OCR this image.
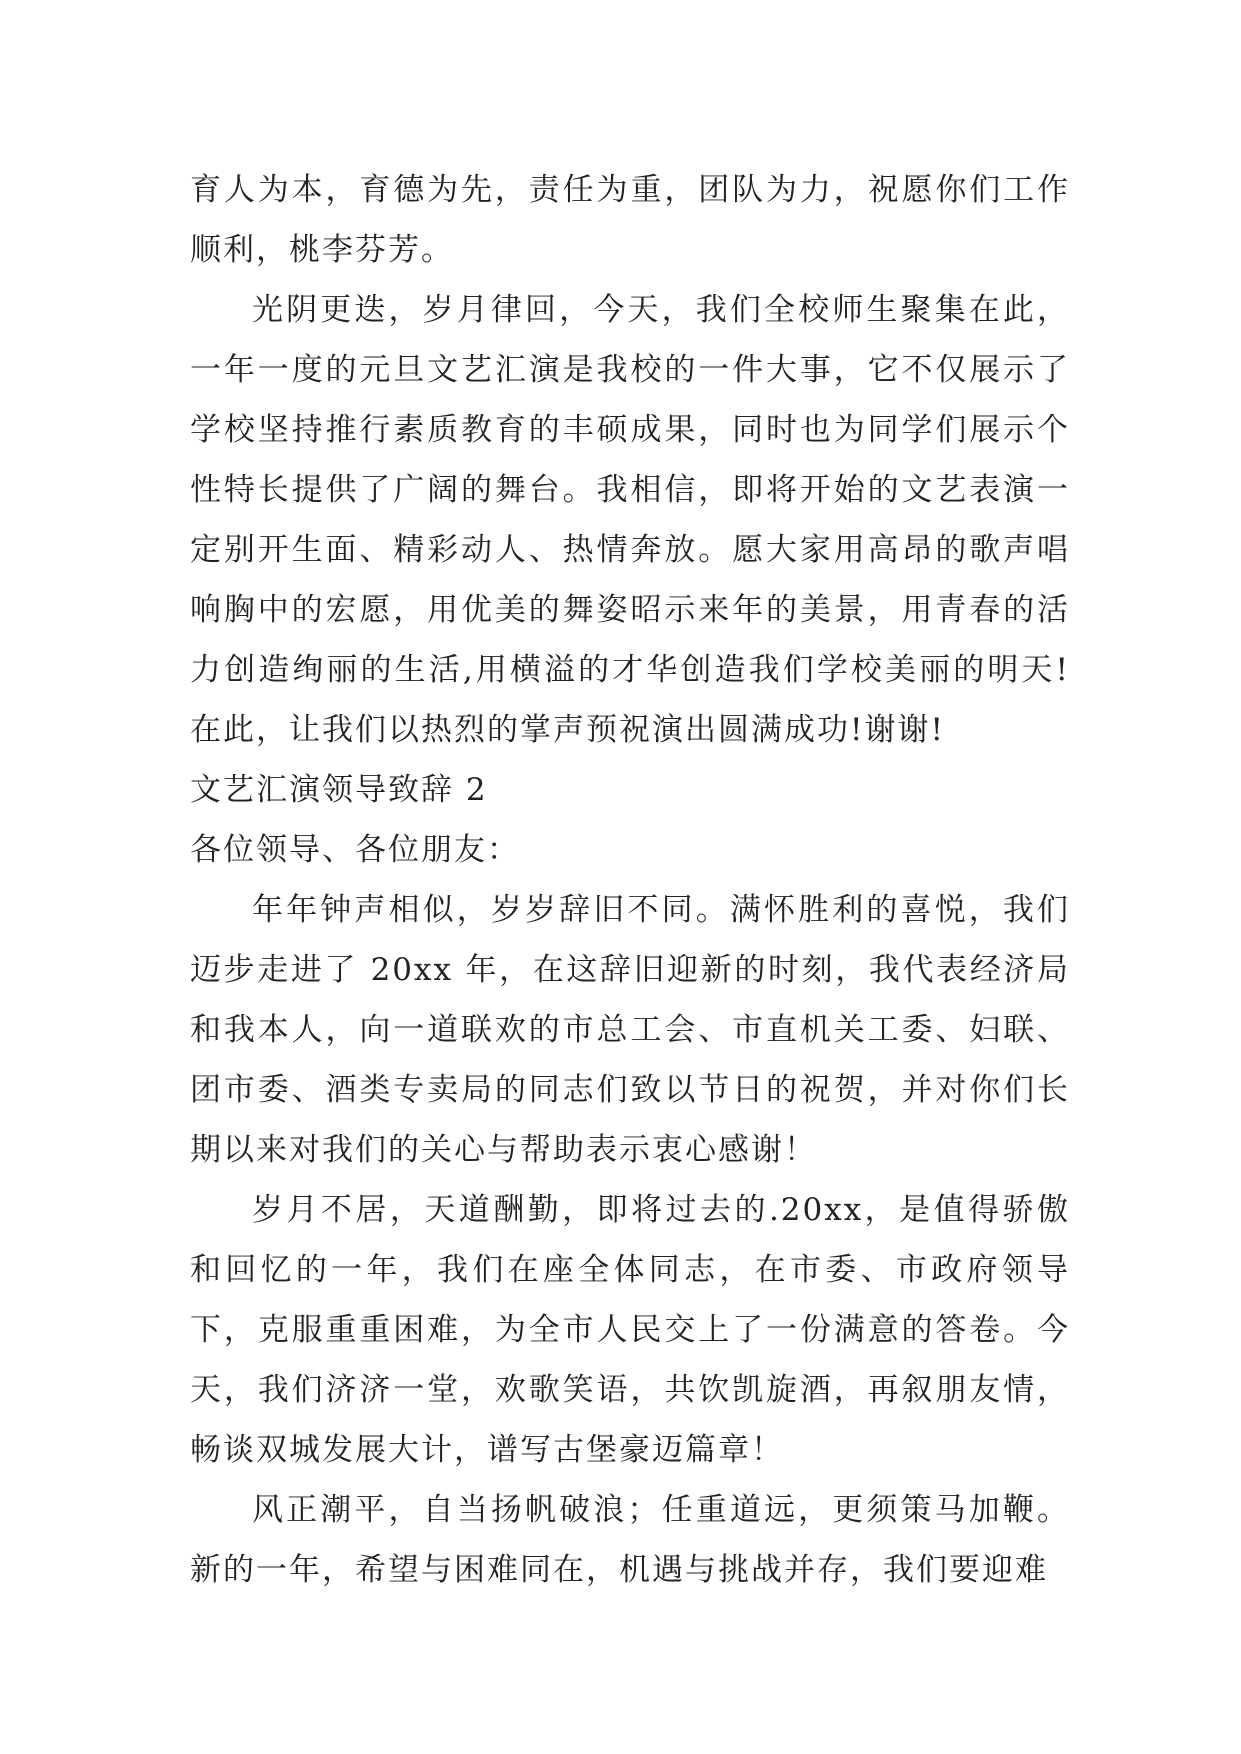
育人为本，育德为先，责任为重，团队为力，祝愿你们工作顺利，桃李芬芳。

光阴更迭，岁月律回，今天，我们全校师生聚集在此，一年一度的元旦文艺汇演是我校的一件大事，它不仅展示了学校坚持推行素质教育的丰硕成果，同时也为同学们展示个性特长提供了广阔的舞台。我相信，即将开始的文艺表演一定别开生面、精彩动人、热情奔放。愿大家用高昂的歌声唱响胸中的宏愿，用优美的舞姿昭示来年的美景，用青春的活力创造绚丽的生活,用横溢的才华创造我们学校美丽的明天!在此，让我们以热烈的掌声预祝演出圆满成功!谢谢!

文艺汇演领导致辞 2

各位领导、各位朋友：

年年钟声相似，岁岁辞旧不同。满怀胜利的喜悦，我们迈步走进了 20xx 年，在这辞旧迎新的时刻，我代表经济局和我本人，向一道联欢的市总工会、市直机关工委、妇联、团市委、酒类专卖局的同志们致以节日的祝贺，并对你们长期以来对我们的关心与帮助表示衷心感谢！

岁月不居，天道酬勤，即将过去的.20xx，是值得骄傲和回忆的一年，我们在座全体同志，在市委、市政府领导下，克服重重困难，为全市人民交上了一份满意的答卷。今天，我们济济一堂，欢歌笑语，共饮凯旋酒，再叙朋友情，畅谈双城发展大计，谱写古堡豪迈篇章！

风正潮平，自当扬帆破浪；任重道远，更须策马加鞭。新的一年，希望与困难同在，机遇与挑战并存，我们要迎难
